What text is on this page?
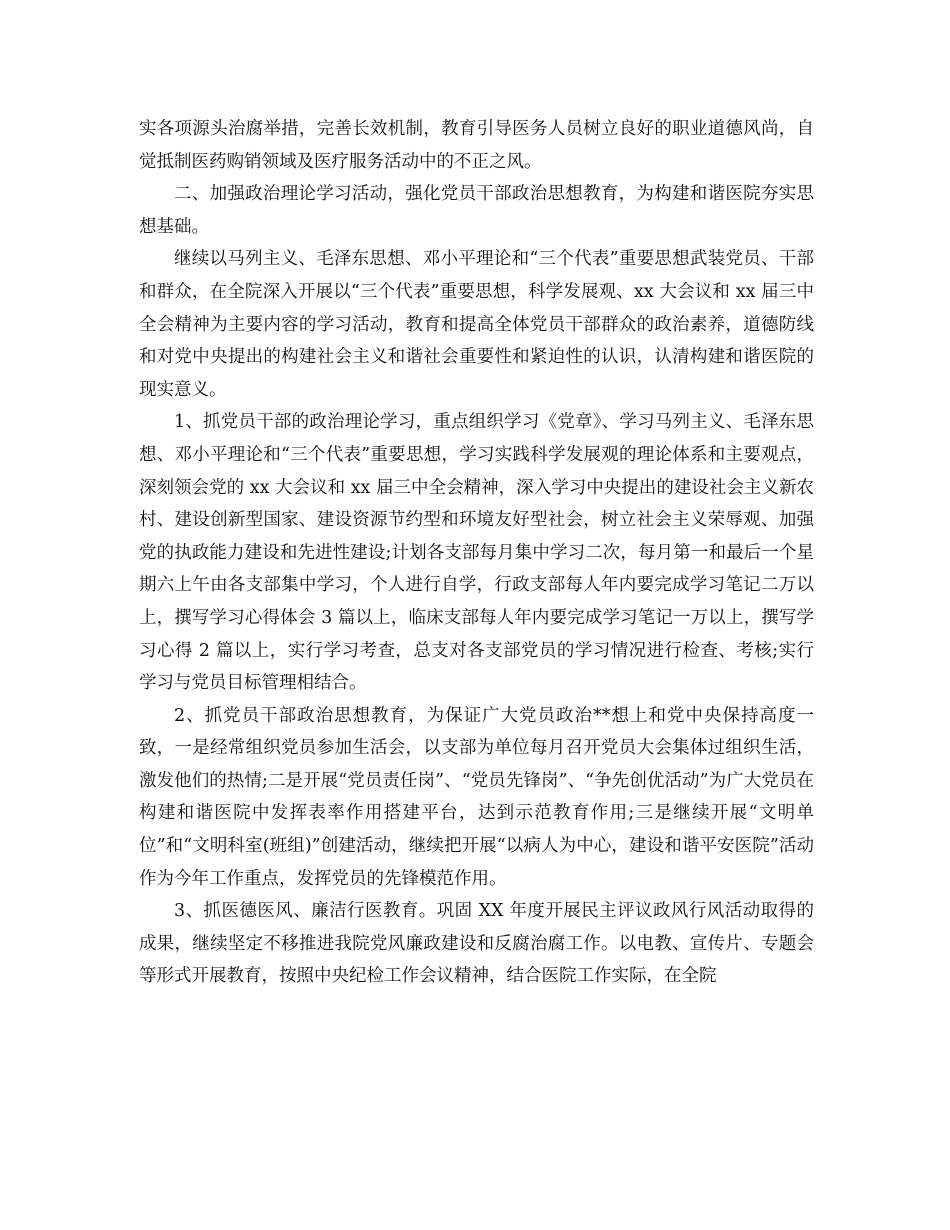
实各项源头治腐举措，完善长效机制，教育引导医务人员树立良好的职业道德风尚，自觉抵制医药购销领域及医疗服务活动中的不正之风。

二、加强政治理论学习活动，强化党员干部政治思想教育，为构建和谐医院夯实思想基础。

继续以马列主义、毛泽东思想、邓小平理论和“三个代表”重要思想武装党员、干部和群众，在全院深入开展以“三个代表”重要思想，科学发展观、xx 大会议和 xx 届三中全会精神为主要内容的学习活动，教育和提高全体党员干部群众的政治素养，道德防线和对党中央提出的构建社会主义和谐社会重要性和紧迫性的认识，认清构建和谐医院的现实意义。

1、抓党员干部的政治理论学习，重点组织学习《党章》、学习马列主义、毛泽东思想、邓小平理论和“三个代表”重要思想，学习实践科学发展观的理论体系和主要观点，深刻领会党的 xx 大会议和 xx 届三中全会精神，深入学习中央提出的建设社会主义新农村、建设创新型国家、建设资源节约型和环境友好型社会，树立社会主义荣辱观、加强党的执政能力建设和先进性建设;计划各支部每月集中学习二次，每月第一和最后一个星期六上午由各支部集中学习，个人进行自学，行政支部每人年内要完成学习笔记二万以上，撰写学习心得体会 3 篇以上，临床支部每人年内要完成学习笔记一万以上，撰写学习心得 2 篇以上，实行学习考查，总支对各支部党员的学习情况进行检查、考核;实行学习与党员目标管理相结合。

2、抓党员干部政治思想教育，为保证广大党员政治**想上和党中央保持高度一致，一是经常组织党员参加生活会，以支部为单位每月召开党员大会集体过组织生活，激发他们的热情;二是开展“党员责任岗”、“党员先锋岗”、“争先创优活动”为广大党员在构建和谐医院中发挥表率作用搭建平台，达到示范教育作用;三是继续开展“文明单位”和“文明科室(班组)”创建活动，继续把开展“以病人为中心，建设和谐平安医院”活动作为今年工作重点，发挥党员的先锋模范作用。

3、抓医德医风、廉洁行医教育。巩固 XX 年度开展民主评议政风行风活动取得的成果，继续坚定不移推进我院党风廉政建设和反腐治腐工作。以电教、宣传片、专题会等形式开展教育，按照中央纪检工作会议精神，结合医院工作实际，在全院
